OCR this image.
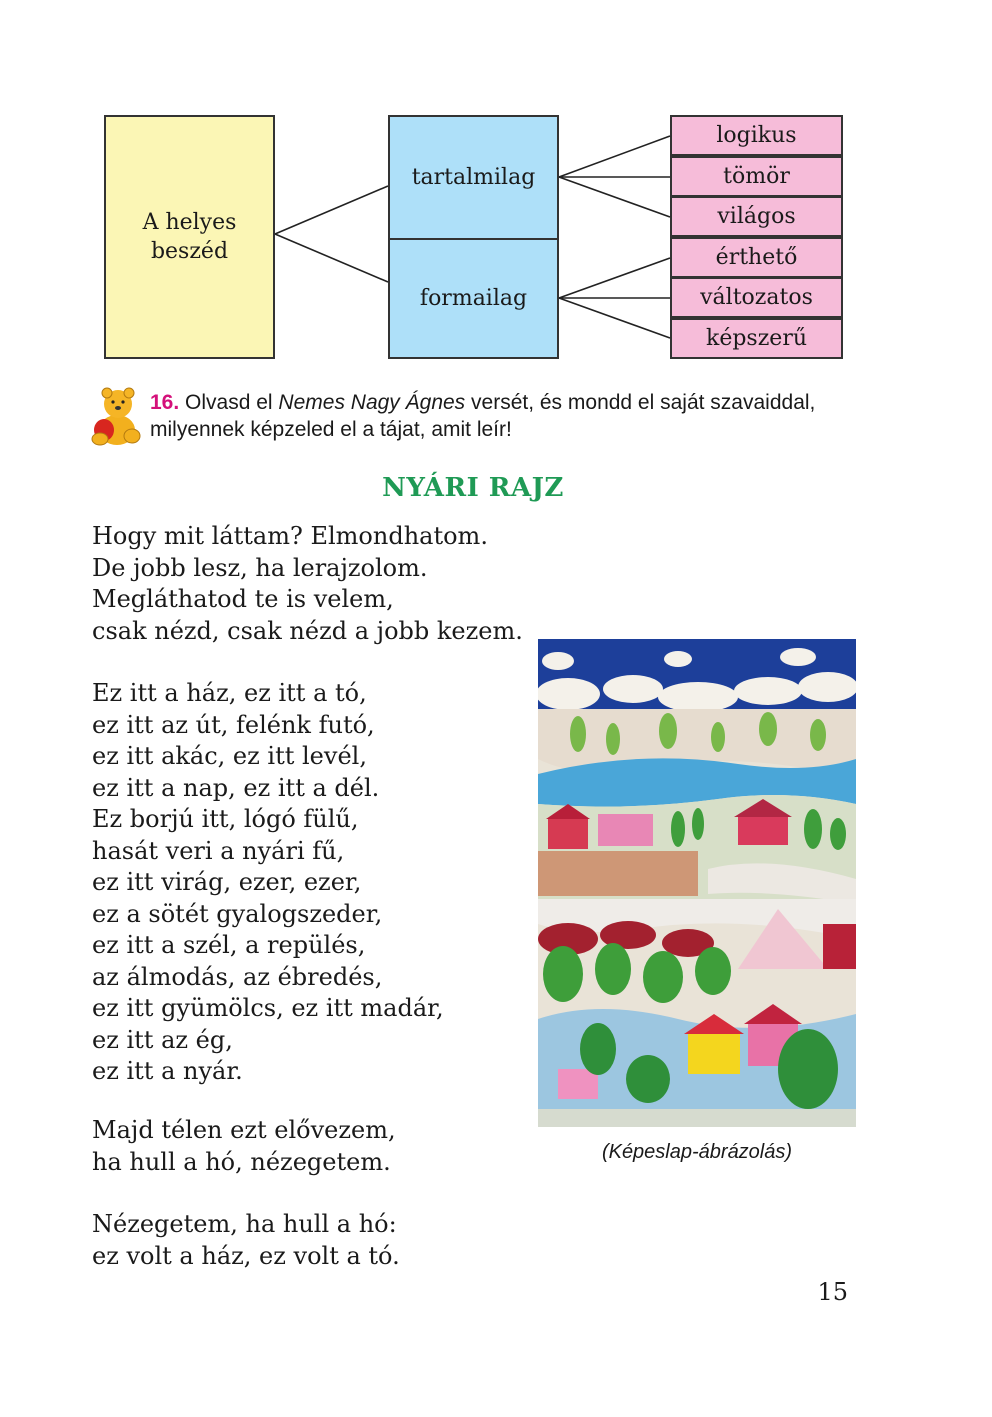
A helyes beszéd
tartalmilag
formailag
logikus
tömör
világos
érthető
változatos
képszerű
16. Olvasd el Nemes Nagy Ágnes versét, és mondd el saját szavaiddal, milyennek képzeled el a tájat, amit leír!
NYÁRI RAJZ
Hogy mit láttam? Elmondhatom.
De jobb lesz, ha lerajzolom.
Megláthatod te is velem,
csak nézd, csak nézd a jobb kezem.
Ez itt a ház, ez itt a tó,
ez itt az út, felénk futó,
ez itt akác, ez itt levél,
ez itt a nap, ez itt a dél.
Ez borjú itt, lógó fülű,
hasát veri a nyári fű,
ez itt virág, ezer, ezer,
ez a sötét gyalogszeder,
ez itt a szél, a repülés,
az álmodás, az ébredés,
ez itt gyümölcs, ez itt madár,
ez itt az ég,
ez itt a nyár.
Majd télen ezt elővezem,
ha hull a hó, nézegetem.
Nézegetem, ha hull a hó:
ez volt a ház, ez volt a tó.
(Képeslap-ábrázolás)
15
